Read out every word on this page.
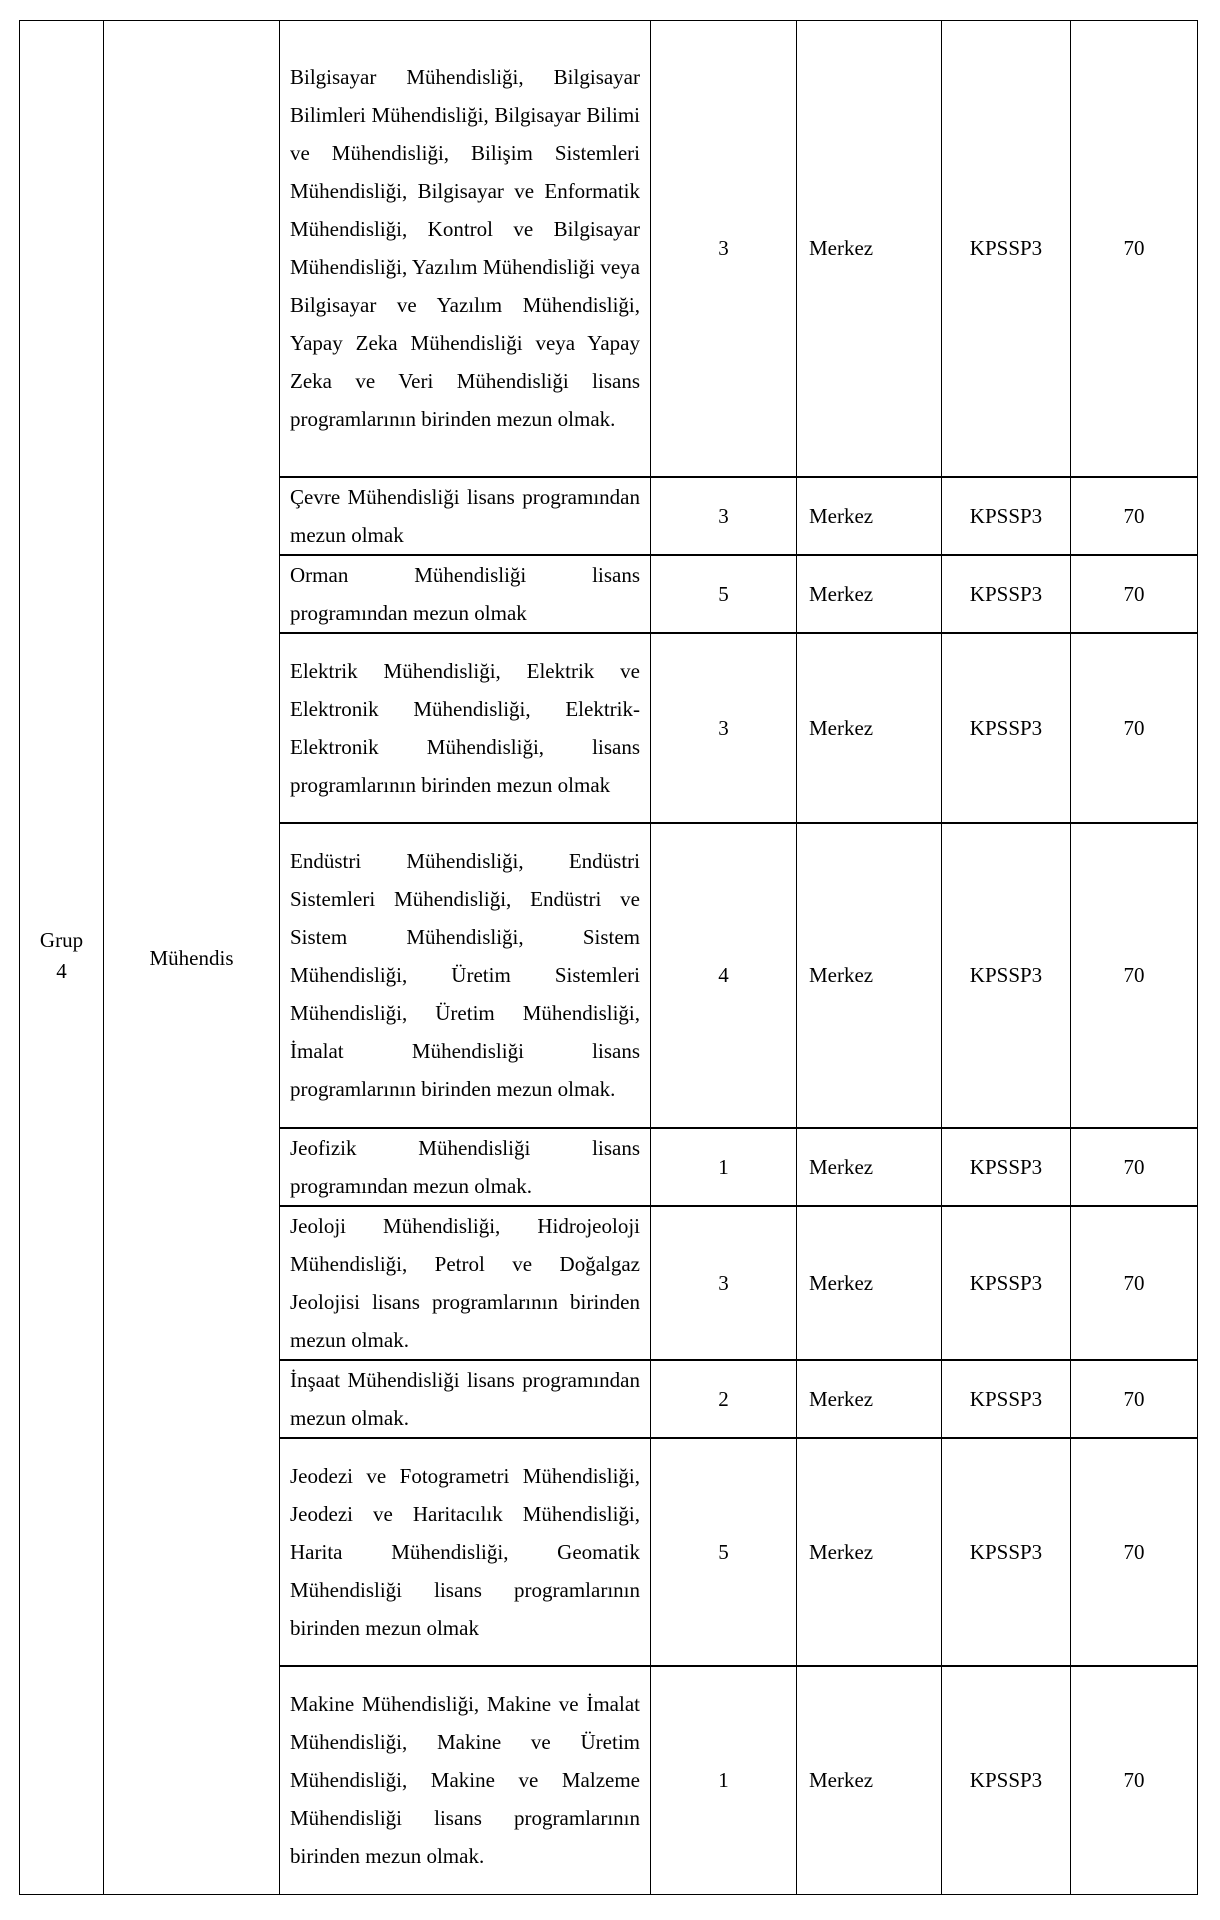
Grup 4	Mühendis	Bilgisayar Mühendisliği, Bilgisayar Bilimleri Mühendisliği, Bilgisayar Bilimi ve Mühendisliği, Bilişim Sistemleri Mühendisliği, Bilgisayar ve Enformatik Mühendisliği, Kontrol ve Bilgisayar Mühendisliği, Yazılım Mühendisliği veya Bilgisayar ve Yazılım Mühendisliği, Yapay Zeka Mühendisliği veya Yapay Zeka ve Veri Mühendisliği lisans programlarının birinden mezun olmak.	3	Merkez	KPSSP3	70
		Çevre Mühendisliği lisans programından mezun olmak	3	Merkez	KPSSP3	70
		Orman Mühendisliği lisans programından mezun olmak	5	Merkez	KPSSP3	70
		Elektrik Mühendisliği, Elektrik ve Elektronik Mühendisliği, Elektrik-Elektronik Mühendisliği, lisans programlarının birinden mezun olmak	3	Merkez	KPSSP3	70
		Endüstri Mühendisliği, Endüstri Sistemleri Mühendisliği, Endüstri ve Sistem Mühendisliği, Sistem Mühendisliği, Üretim Sistemleri Mühendisliği, Üretim Mühendisliği, İmalat Mühendisliği lisans programlarının birinden mezun olmak.	4	Merkez	KPSSP3	70
		Jeofizik Mühendisliği lisans programından mezun olmak.	1	Merkez	KPSSP3	70
		Jeoloji Mühendisliği, Hidrojeoloji Mühendisliği, Petrol ve Doğalgaz Jeolojisi lisans programlarının birinden mezun olmak.	3	Merkez	KPSSP3	70
		İnşaat Mühendisliği lisans programından mezun olmak.	2	Merkez	KPSSP3	70
		Jeodezi ve Fotogrametri Mühendisliği, Jeodezi ve Haritacılık Mühendisliği, Harita Mühendisliği, Geomatik Mühendisliği lisans programlarının birinden mezun olmak	5	Merkez	KPSSP3	70
		Makine Mühendisliği, Makine ve İmalat Mühendisliği, Makine ve Üretim Mühendisliği, Makine ve Malzeme Mühendisliği lisans programlarının birinden mezun olmak.	1	Merkez	KPSSP3	70
